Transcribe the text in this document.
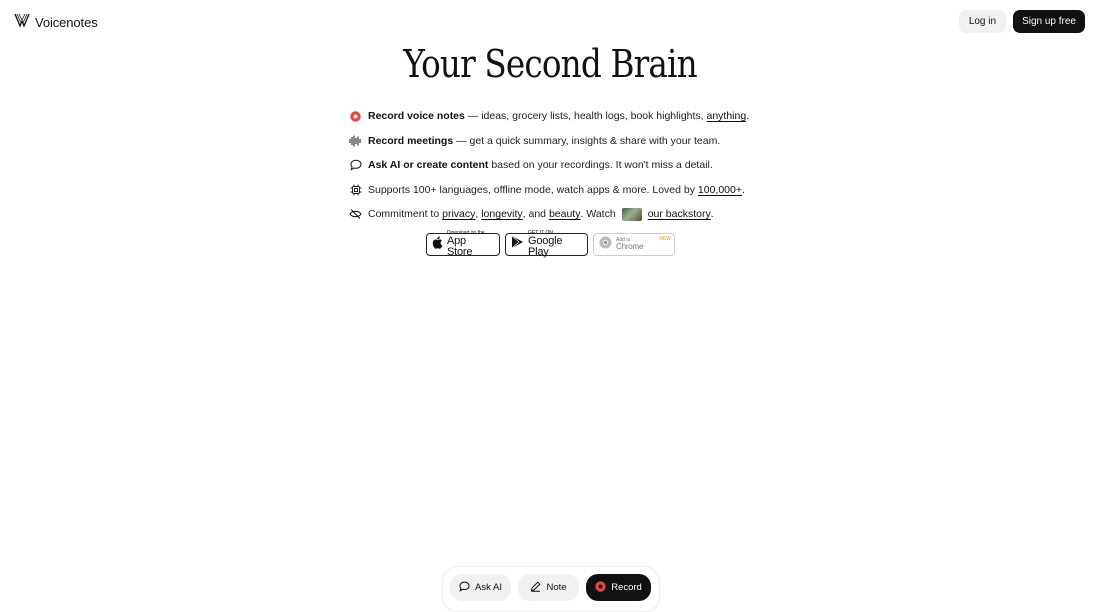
Voicenotes	Log in	Sign up free
Your Second Brain
Record voice notes — ideas, grocery lists, health logs, book highlights, anything .
Record meetings — get a quick summary, insights & share with your team.
Ask AI or create content based on your recordings. It won't miss a detail.
Supports 100+ languages, offline mode, watch apps & more. Loved by 100,000+ .
Commitment to privacy , longevity , and beauty . Watch	our backstory .
Download on the
App Store
GET IT ON
Google Play
Add to
Chrome
NEW
Ask AI	Note	Record
